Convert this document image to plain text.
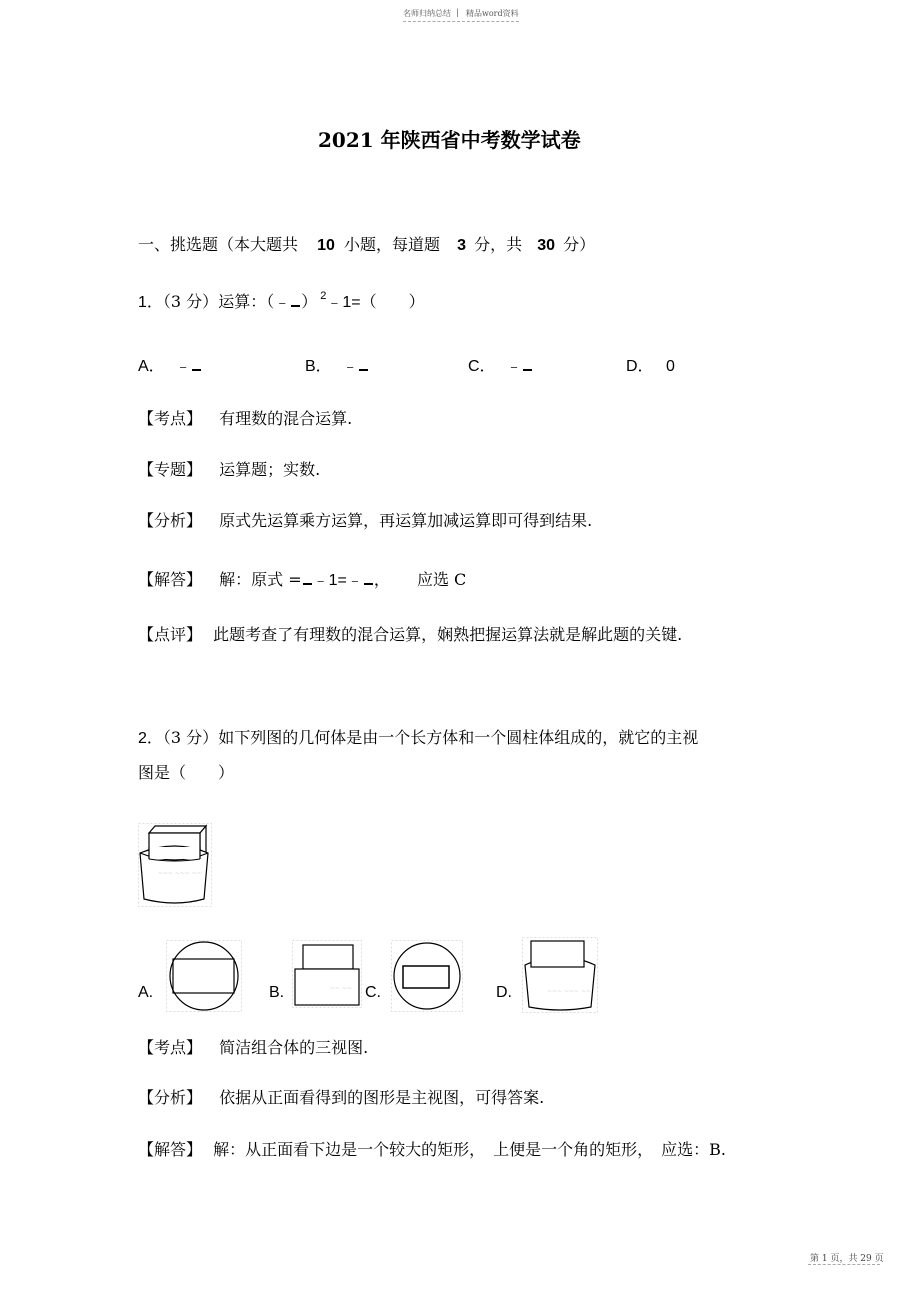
名师归纳总结 | 精品word资料
2021 年陕西省中考数学试卷
一、挑选题（本大题共 10 小题，每道题 3 分，共 30 分）
1．（3 分）运算：（﹣ ） $^2$﹣1=（　　）
A． ﹣	B． ﹣	C． ﹣	D． 0
【考点】 有理数的混合运算.
【专题】 运算题；实数.
【分析】 原式先运算乘方运算，再运算加减运算即可得到结果.
【解答】 解：原式 = ﹣1=﹣ ， 应选 C
【点评】 此题考查了有理数的混合运算，娴熟把握运算法就是解此题的关键.
2．（3 分）如下列图的几何体是由一个长方体和一个圆柱体组成的，就它的主视
图是（　　）
~~~ ~~~ ~~
A.	B.	~~ ~~ C.	D.	~~~ ~~~ ~~
【考点】 简洁组合体的三视图.
【分析】 依据从正面看得到的图形是主视图，可得答案.
【解答】 解：从正面看下边是一个较大的矩形，　上便是一个角的矩形，　应选：B.
第 1 页，共 29 页
